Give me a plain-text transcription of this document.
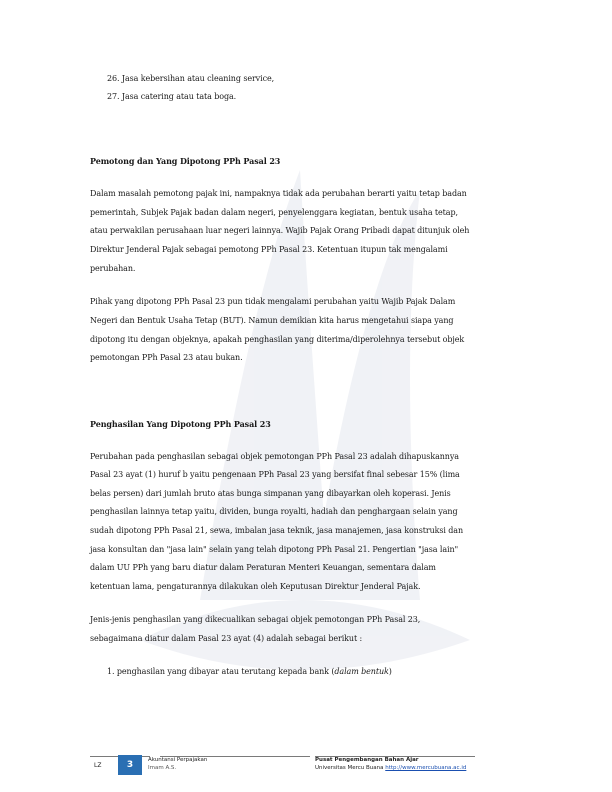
26. Jasa kebersihan atau cleaning service,
27. Jasa catering atau tata boga.
Pemotong dan Yang Dipotong PPh Pasal 23
Dalam masalah pemotong pajak ini, nampaknya tidak ada perubahan berarti yaitu tetap badan
pemerintah, Subjek Pajak badan dalam negeri, penyelenggara kegiatan, bentuk usaha tetap,
atau perwakilan perusahaan luar negeri lainnya. Wajib Pajak Orang Pribadi dapat ditunjuk oleh
Direktur Jenderal Pajak sebagai pemotong PPh Pasal 23. Ketentuan itupun tak mengalami
perubahan.
Pihak yang dipotong PPh Pasal 23 pun tidak mengalami perubahan yaitu Wajib Pajak Dalam
Negeri dan Bentuk Usaha Tetap (BUT). Namun demikian kita harus mengetahui siapa yang
dipotong itu dengan objeknya, apakah penghasilan yang diterima/diperolehnya tersebut objek
pemotongan PPh Pasal 23 atau bukan.
Penghasilan Yang Dipotong PPh Pasal 23
Perubahan pada penghasilan sebagai objek pemotongan PPh Pasal 23 adalah dihapuskannya
Pasal 23 ayat (1) huruf b yaitu pengenaan PPh Pasal 23 yang bersifat final sebesar 15% (lima
belas persen) dari jumlah bruto atas bunga simpanan yang dibayarkan oleh koperasi. Jenis
penghasilan lainnya tetap yaitu, dividen, bunga royalti, hadiah dan penghargaan selain yang
sudah dipotong PPh Pasal 21, sewa, imbalan jasa teknik, jasa manajemen, jasa konstruksi dan
jasa konsultan dan "jasa lain" selain yang telah dipotong PPh Pasal 21. Pengertian "jasa lain"
dalam UU PPh yang baru diatur dalam Peraturan Menteri Keuangan, sementara dalam
ketentuan lama, pengaturannya dilakukan oleh Keputusan Direktur Jenderal Pajak.
Jenis-jenis penghasilan yang dikecualikan sebagai objek pemotongan PPh Pasal 23,
sebagaimana diatur dalam Pasal 23 ayat (4) adalah sebagai berikut :
1. penghasilan yang dibayar atau terutang kepada bank (dalam bentuk)
LZ	3	Akuntansi Perpajakan
Imam A.S.
Pusat Pengembangan Bahan Ajar
Universitas Mercu Buana http://www.mercubuana.ac.id
